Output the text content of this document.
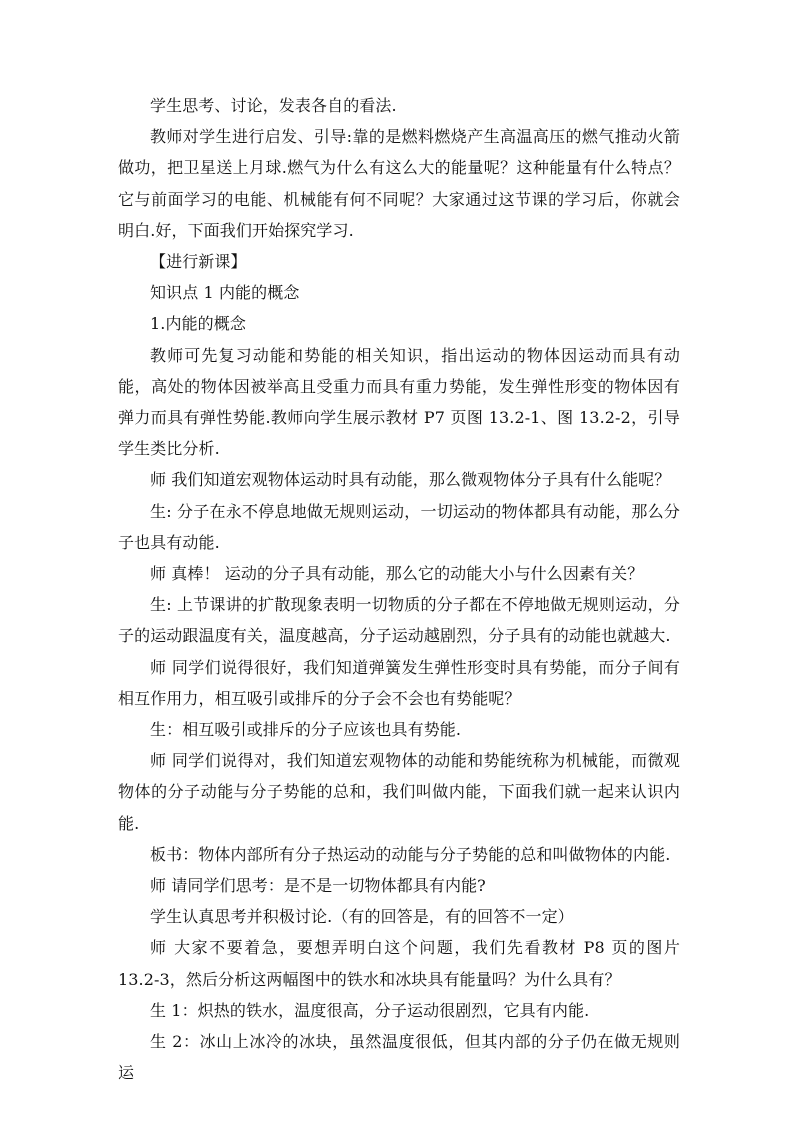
学生思考、讨论，发表各自的看法.

教师对学生进行启发、引导:靠的是燃料燃烧产生高温高压的燃气推动火箭做功，把卫星送上月球.燃气为什么有这么大的能量呢？这种能量有什么特点？它与前面学习的电能、机械能有何不同呢？大家通过这节课的学习后，你就会明白.好，下面我们开始探究学习.

【进行新课】

知识点 1 内能的概念

1.内能的概念

教师可先复习动能和势能的相关知识，指出运动的物体因运动而具有动能，高处的物体因被举高且受重力而具有重力势能，发生弹性形变的物体因有弹力而具有弹性势能.教师向学生展示教材 P7 页图 13.2-1、图 13.2-2，引导学生类比分析.

师 我们知道宏观物体运动时具有动能，那么微观物体分子具有什么能呢？

生: 分子在永不停息地做无规则运动，一切运动的物体都具有动能，那么分子也具有动能.

师 真棒！ 运动的分子具有动能，那么它的动能大小与什么因素有关？

生: 上节课讲的扩散现象表明一切物质的分子都在不停地做无规则运动，分子的运动跟温度有关，温度越高，分子运动越剧烈，分子具有的动能也就越大.

师 同学们说得很好，我们知道弹簧发生弹性形变时具有势能，而分子间有相互作用力，相互吸引或排斥的分子会不会也有势能呢？

生：相互吸引或排斥的分子应该也具有势能.

师 同学们说得对，我们知道宏观物体的动能和势能统称为机械能，而微观物体的分子动能与分子势能的总和，我们叫做内能，下面我们就一起来认识内能.

板书：物体内部所有分子热运动的动能与分子势能的总和叫做物体的内能.

师 请同学们思考：是不是一切物体都具有内能?

学生认真思考并积极讨论.（有的回答是，有的回答不一定）

师 大家不要着急，要想弄明白这个问题，我们先看教材 P8 页的图片 13.2-3，然后分析这两幅图中的铁水和冰块具有能量吗？为什么具有？

生 1：炽热的铁水，温度很高，分子运动很剧烈，它具有内能.

生 2：冰山上冰冷的冰块，虽然温度很低，但其内部的分子仍在做无规则运
